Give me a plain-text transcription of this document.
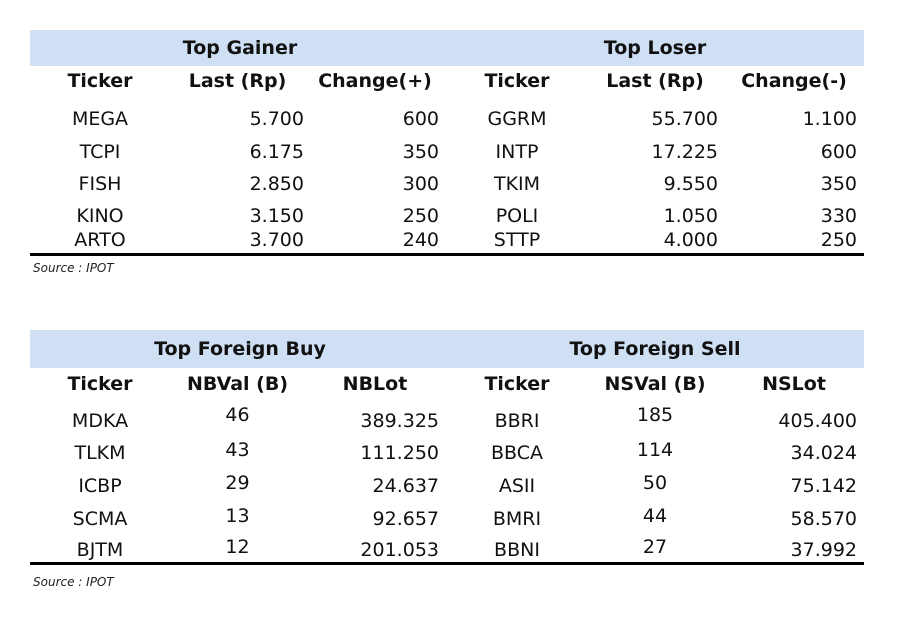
Top Gainer	Top Loser
Ticker	Last (Rp)	Change(+)	Ticker	Last (Rp)	Change(-)
MEGA	5.700	600	GGRM	55.700	1.100
TCPI	6.175	350	INTP	17.225	600
FISH	2.850	300	TKIM	9.550	350
KINO	3.150	250	POLI	1.050	330
ARTO	3.700	240	STTP	4.000	250
Source : IPOT
Top Foreign Buy	Top Foreign Sell
Ticker	NBVal (B)	NBLot	Ticker	NSVal (B)	NSLot
MDKA	46	389.325	BBRI	185	405.400
TLKM	43	111.250	BBCA	114	34.024
ICBP	29	24.637	ASII	50	75.142
SCMA	13	92.657	BMRI	44	58.570
BJTM	12	201.053	BBNI	27	37.992
Source : IPOT
